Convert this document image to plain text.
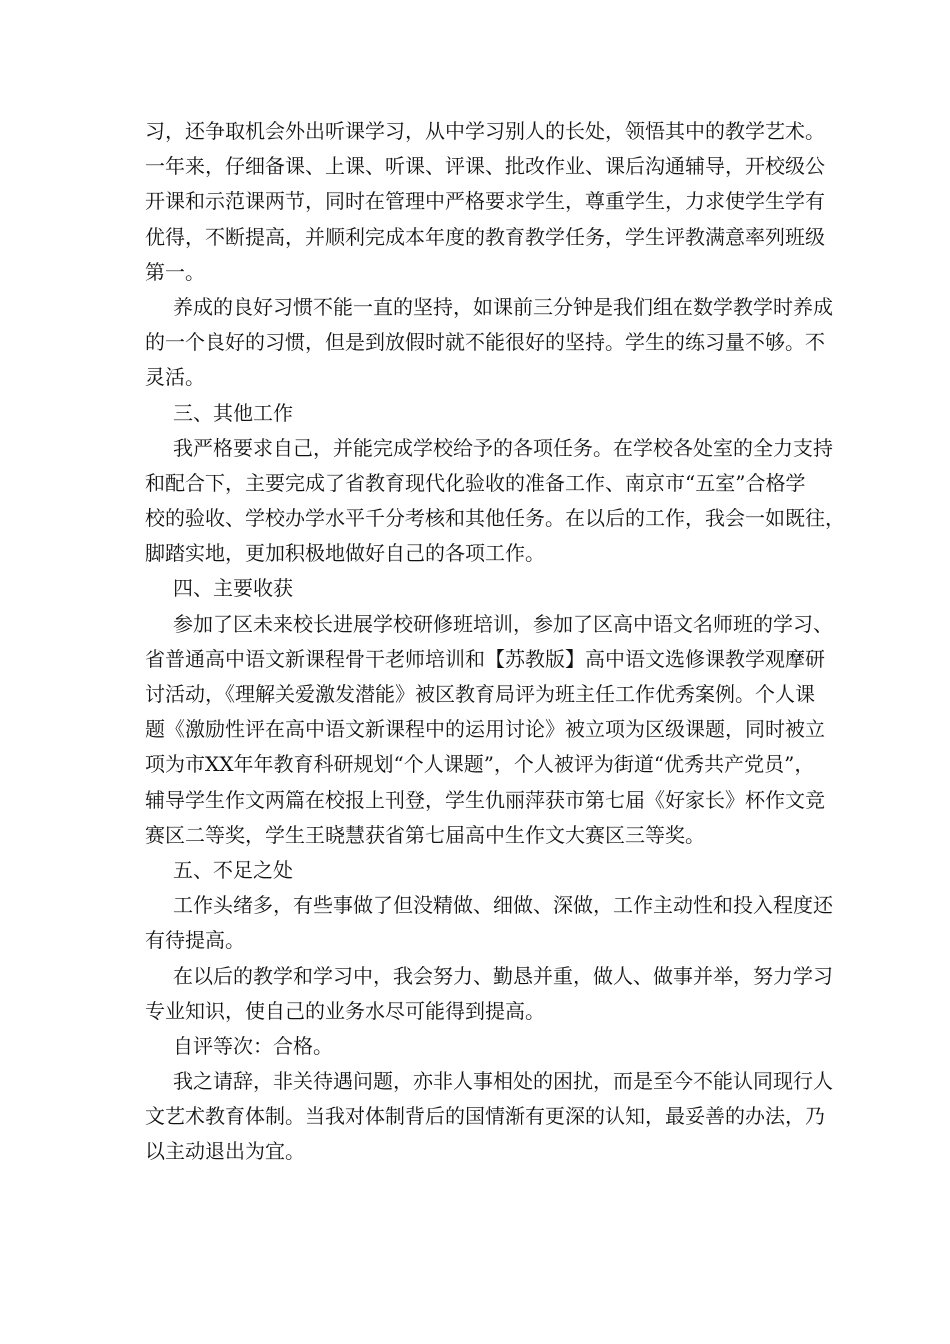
习，还争取机会外出听课学习，从中学习别人的长处，领悟其中的教学艺术。
一年来，仔细备课、上课、听课、评课、批改作业、课后沟通辅导，开校级公
开课和示范课两节，同时在管理中严格要求学生，尊重学生，力求使学生学有
优得，不断提高，并顺利完成本年度的教育教学任务，学生评教满意率列班级
第一。
养成的良好习惯不能一直的坚持，如课前三分钟是我们组在数学教学时养成
的一个良好的习惯，但是到放假时就不能很好的坚持。学生的练习量不够。不
灵活。
三、其他工作
我严格要求自己，并能完成学校给予的各项任务。在学校各处室的全力支持
和配合下，主要完成了省教育现代化验收的准备工作、南京市“五室”合格学
校的验收、学校办学水平千分考核和其他任务。在以后的工作，我会一如既往，
脚踏实地，更加积极地做好自己的各项工作。
四、主要收获
参加了区未来校长进展学校研修班培训，参加了区高中语文名师班的学习、
省普通高中语文新课程骨干老师培训和【苏教版】高中语文选修课教学观摩研
讨活动，《理解关爱激发潜能》被区教育局评为班主任工作优秀案例。个人课
题《激励性评在高中语文新课程中的运用讨论》被立项为区级课题，同时被立
项为市XX年年教育科研规划“个人课题”，个人被评为街道“优秀共产党员”，
辅导学生作文两篇在校报上刊登，学生仇丽萍获市第七届《好家长》杯作文竞
赛区二等奖，学生王晓慧获省第七届高中生作文大赛区三等奖。
五、不足之处
工作头绪多，有些事做了但没精做、细做、深做，工作主动性和投入程度还
有待提高。
在以后的教学和学习中，我会努力、勤恳并重，做人、做事并举，努力学习
专业知识，使自己的业务水尽可能得到提高。
自评等次：合格。
我之请辞，非关待遇问题，亦非人事相处的困扰，而是至今不能认同现行人
文艺术教育体制。当我对体制背后的国情渐有更深的认知，最妥善的办法，乃
以主动退出为宜。
